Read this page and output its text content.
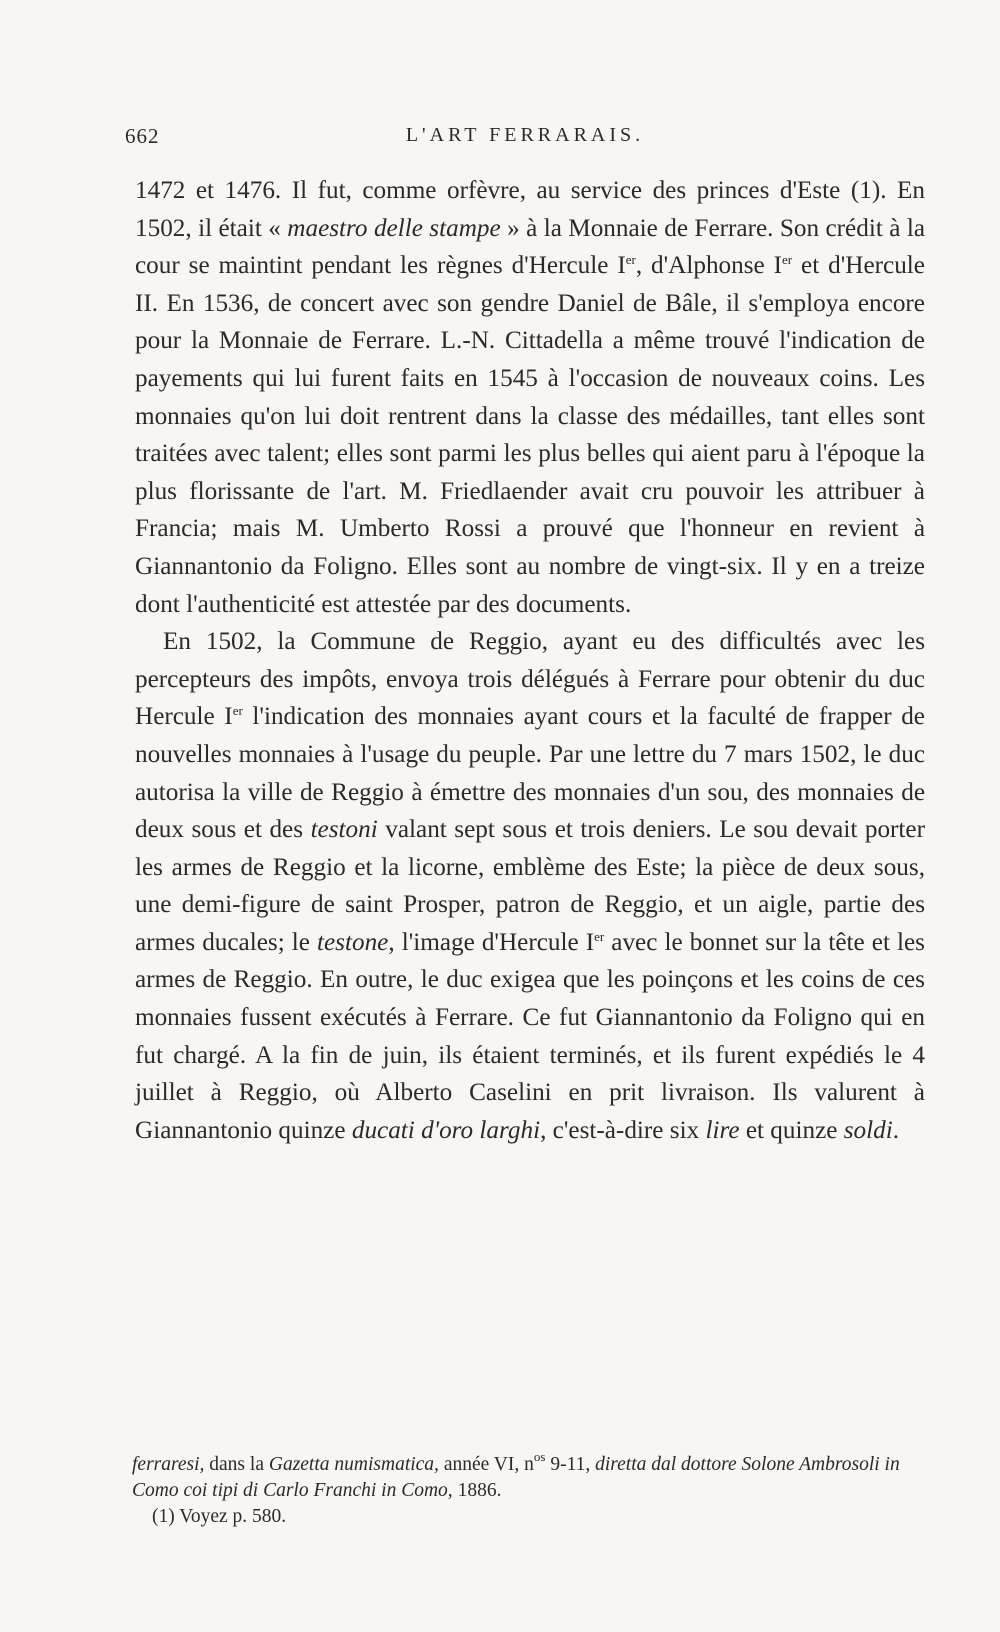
662	L'ART FERRARAIS.

1472 et 1476. Il fut, comme orfèvre, au service des princes d'Este (1). En 1502, il était « maestro delle stampe » à la Monnaie de Ferrare. Son crédit à la cour se maintint pendant les règnes d'Hercule Ier, d'Alphonse Ier et d'Hercule II. En 1536, de concert avec son gendre Daniel de Bâle, il s'employa encore pour la Monnaie de Ferrare. L.-N. Cittadella a même trouvé l'indication de payements qui lui furent faits en 1545 à l'occasion de nouveaux coins. Les monnaies qu'on lui doit rentrent dans la classe des médailles, tant elles sont traitées avec talent; elles sont parmi les plus belles qui aient paru à l'époque la plus florissante de l'art. M. Friedlaender avait cru pouvoir les attribuer à Francia; mais M. Umberto Rossi a prouvé que l'honneur en revient à Giannantonio da Foligno. Elles sont au nombre de vingt-six. Il y en a treize dont l'authenticité est attestée par des documents.

En 1502, la Commune de Reggio, ayant eu des difficultés avec les percepteurs des impôts, envoya trois délégués à Ferrare pour obtenir du duc Hercule Ier l'indication des monnaies ayant cours et la faculté de frapper de nouvelles monnaies à l'usage du peuple. Par une lettre du 7 mars 1502, le duc autorisa la ville de Reggio à émettre des monnaies d'un sou, des monnaies de deux sous et des testoni valant sept sous et trois deniers. Le sou devait porter les armes de Reggio et la licorne, emblème des Este; la pièce de deux sous, une demi-figure de saint Prosper, patron de Reggio, et un aigle, partie des armes ducales; le testone, l'image d'Hercule Ier avec le bonnet sur la tête et les armes de Reggio. En outre, le duc exigea que les poinçons et les coins de ces monnaies fussent exécutés à Ferrare. Ce fut Giannantonio da Foligno qui en fut chargé. A la fin de juin, ils étaient terminés, et ils furent expédiés le 4 juillet à Reggio, où Alberto Caselini en prit livraison. Ils valurent à Giannantonio quinze ducati d'oro larghi, c'est-à-dire six lire et quinze soldi.

ferraresi, dans la Gazetta numismatica, année VI, $n^{os}$ 9-11, diretta dal dottore Solone Ambrosoli in Como coi tipi di Carlo Franchi in Como, 1886.

(1) Voyez p. 580.
